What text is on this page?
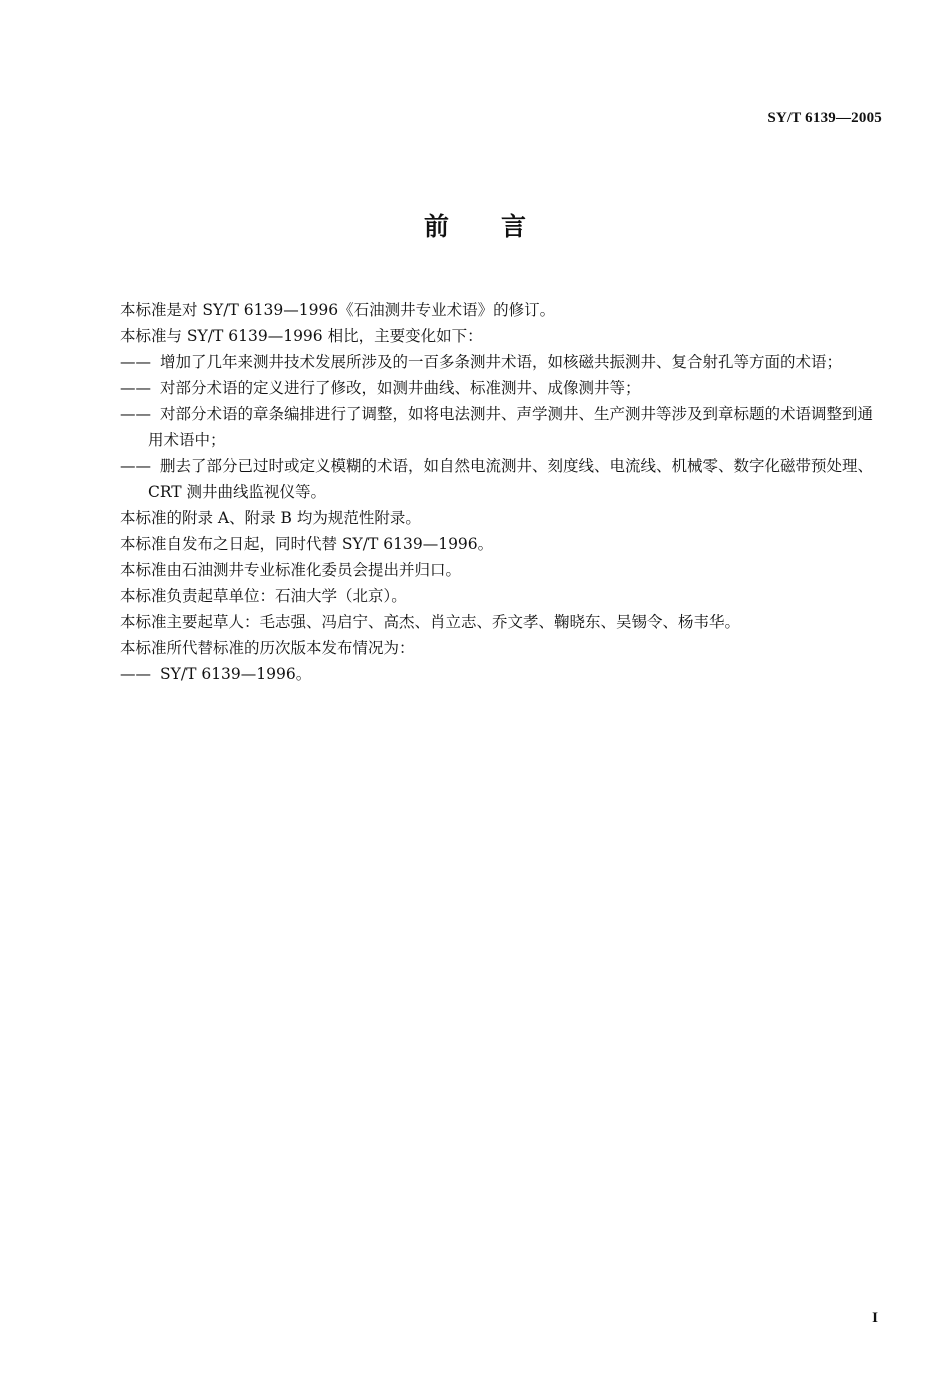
SY/T 6139—2005
前 言

本标准是对 SY/T 6139—1996《石油测井专业术语》的修订。

本标准与 SY/T 6139—1996 相比，主要变化如下：

—— 增加了几年来测井技术发展所涉及的一百多条测井术语，如核磁共振测井、复合射孔等方面的术语；

—— 对部分术语的定义进行了修改，如测井曲线、标准测井、成像测井等；

—— 对部分术语的章条编排进行了调整，如将电法测井、声学测井、生产测井等涉及到章标题的术语调整到通用术语中；

—— 删去了部分已过时或定义模糊的术语，如自然电流测井、刻度线、电流线、机械零、数字化磁带预处理、CRT 测井曲线监视仪等。

本标准的附录 A、附录 B 均为规范性附录。

本标准自发布之日起，同时代替 SY/T 6139—1996。

本标准由石油测井专业标准化委员会提出并归口。

本标准负责起草单位：石油大学（北京）。

本标准主要起草人：毛志强、冯启宁、高杰、肖立志、乔文孝、鞠晓东、吴锡令、杨韦华。

本标准所代替标准的历次版本发布情况为：

—— SY/T 6139—1996。

I
